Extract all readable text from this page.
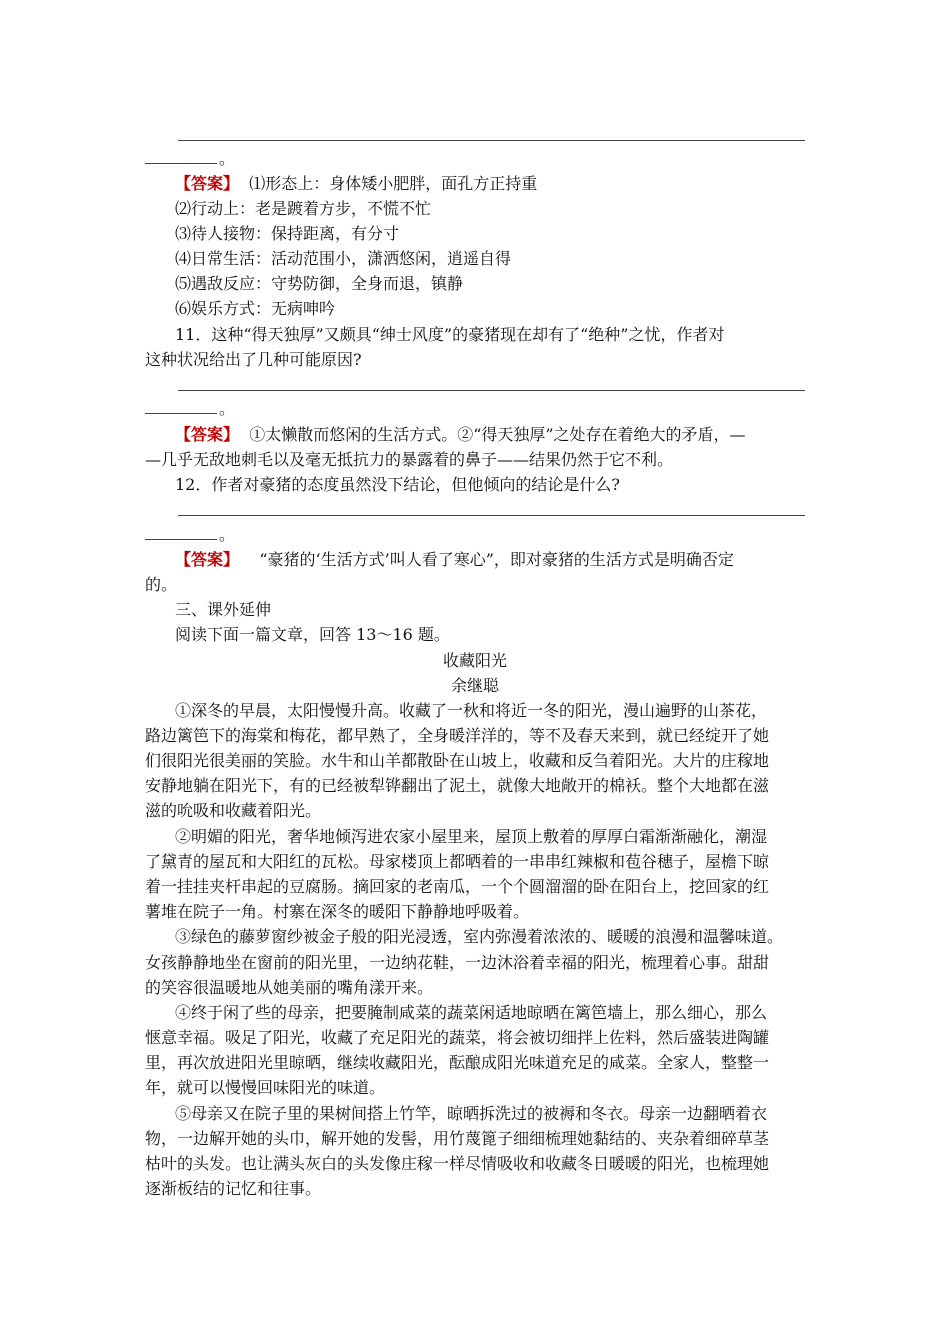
。
【答案】 ⑴形态上：身体矮小肥胖，面孔方正持重
⑵行动上：老是踱着方步，不慌不忙
⑶待人接物：保持距离，有分寸
⑷日常生活：活动范围小，潇洒悠闲，逍遥自得
⑸遇敌反应：守势防御，全身而退，镇静
⑹娱乐方式：无病呻吟
11．这种“得天独厚”又颇具“绅士风度”的豪猪现在却有了“绝种”之忧，作者对
这种状况给出了几种可能原因?
。
【答案】 ①太懒散而悠闲的生活方式。②“得天独厚”之处存在着绝大的矛盾，—
—几乎无敌地刺毛以及毫无抵抗力的暴露着的鼻子——结果仍然于它不利。
12．作者对豪猪的态度虽然没下结论，但他倾向的结论是什么?
。
【答案】 “豪猪的‘生活方式’叫人看了寒心”，即对豪猪的生活方式是明确否定
的。
三、课外延伸
阅读下面一篇文章，回答 13～16 题。
收藏阳光
余继聪
①深冬的早晨，太阳慢慢升高。收藏了一秋和将近一冬的阳光，漫山遍野的山茶花，
路边篱笆下的海棠和梅花，都早熟了，全身暖洋洋的，等不及春天来到，就已经绽开了她
们很阳光很美丽的笑脸。水牛和山羊都散卧在山坡上，收藏和反刍着阳光。大片的庄稼地
安静地躺在阳光下，有的已经被犁铧翻出了泥土，就像大地敞开的棉袄。整个大地都在滋
滋的吮吸和收藏着阳光。
②明媚的阳光，奢华地倾泻进农家小屋里来，屋顶上敷着的厚厚白霜渐渐融化，潮湿
了黛青的屋瓦和大阳红的瓦松。母家楼顶上都晒着的一串串红辣椒和苞谷穗子，屋檐下晾
着一挂挂夹杆串起的豆腐肠。摘回家的老南瓜，一个个圆溜溜的卧在阳台上，挖回家的红
薯堆在院子一角。村寨在深冬的暖阳下静静地呼吸着。
③绿色的藤萝窗纱被金子般的阳光浸透，室内弥漫着浓浓的、暖暖的浪漫和温馨味道。
女孩静静地坐在窗前的阳光里，一边纳花鞋，一边沐浴着幸福的阳光，梳理着心事。甜甜
的笑容很温暖地从她美丽的嘴角漾开来。
④终于闲了些的母亲，把要腌制咸菜的蔬菜闲适地晾晒在篱笆墙上，那么细心，那么
惬意幸福。吸足了阳光，收藏了充足阳光的蔬菜，将会被切细拌上佐料，然后盛装进陶罐
里，再次放进阳光里晾晒，继续收藏阳光，酝酿成阳光味道充足的咸菜。全家人，整整一
年，就可以慢慢回味阳光的味道。
⑤母亲又在院子里的果树间搭上竹竿，晾晒拆洗过的被褥和冬衣。母亲一边翻晒着衣
物，一边解开她的头巾，解开她的发髻，用竹蔑篦子细细梳理她黏结的、夹杂着细碎草茎
枯叶的头发。也让满头灰白的头发像庄稼一样尽情吸收和收藏冬日暖暖的阳光，也梳理她
逐渐板结的记忆和往事。
